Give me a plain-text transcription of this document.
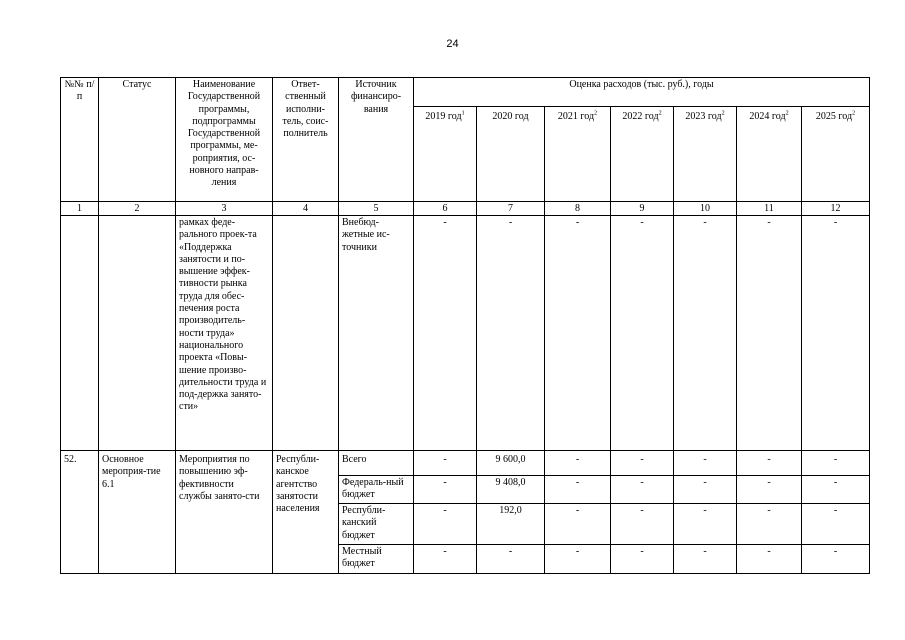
24
№№ п/п	Статус	Наименование Государственной программы, подпрограммы Государственной программы, ме-роприятия, ос-новного направ-ления	Ответ-ственный исполни-тель, соис-полнитель	Источник финансиро-вания	Оценка расходов (тыс. руб.), годы						
					2019 год$^1$	2020 год	2021 год$^2$	2022 год$^2$	2023 год$^2$	2024 год$^2$	2025 год$^2$
1	2	3	4	5	6	7	8	9	10	11	12
		рамках феде-рального проек-та «Поддержка занятости и по-вышение эффек-тивности рынка труда для обес-печения роста производитель-ности труда» национального проекта «Повы-шение произво-дительности труда и под-держка занято-сти»		Внебюд-жетные ис-точники	-	-	-	-	-	-	-
52.	Основное мероприя-тие 6.1	Мероприятия по повышению эф-фективности службы занято-сти	Республи-канское агентство занятости населения	Всего	-	9 600,0	-	-	-	-	-
				Федераль-ный бюджет	-	9 408,0	-	-	-	-	-
				Республи-канский бюджет	-	192,0	-	-	-	-	-
				Местный бюджет	-	-	-	-	-	-	-
